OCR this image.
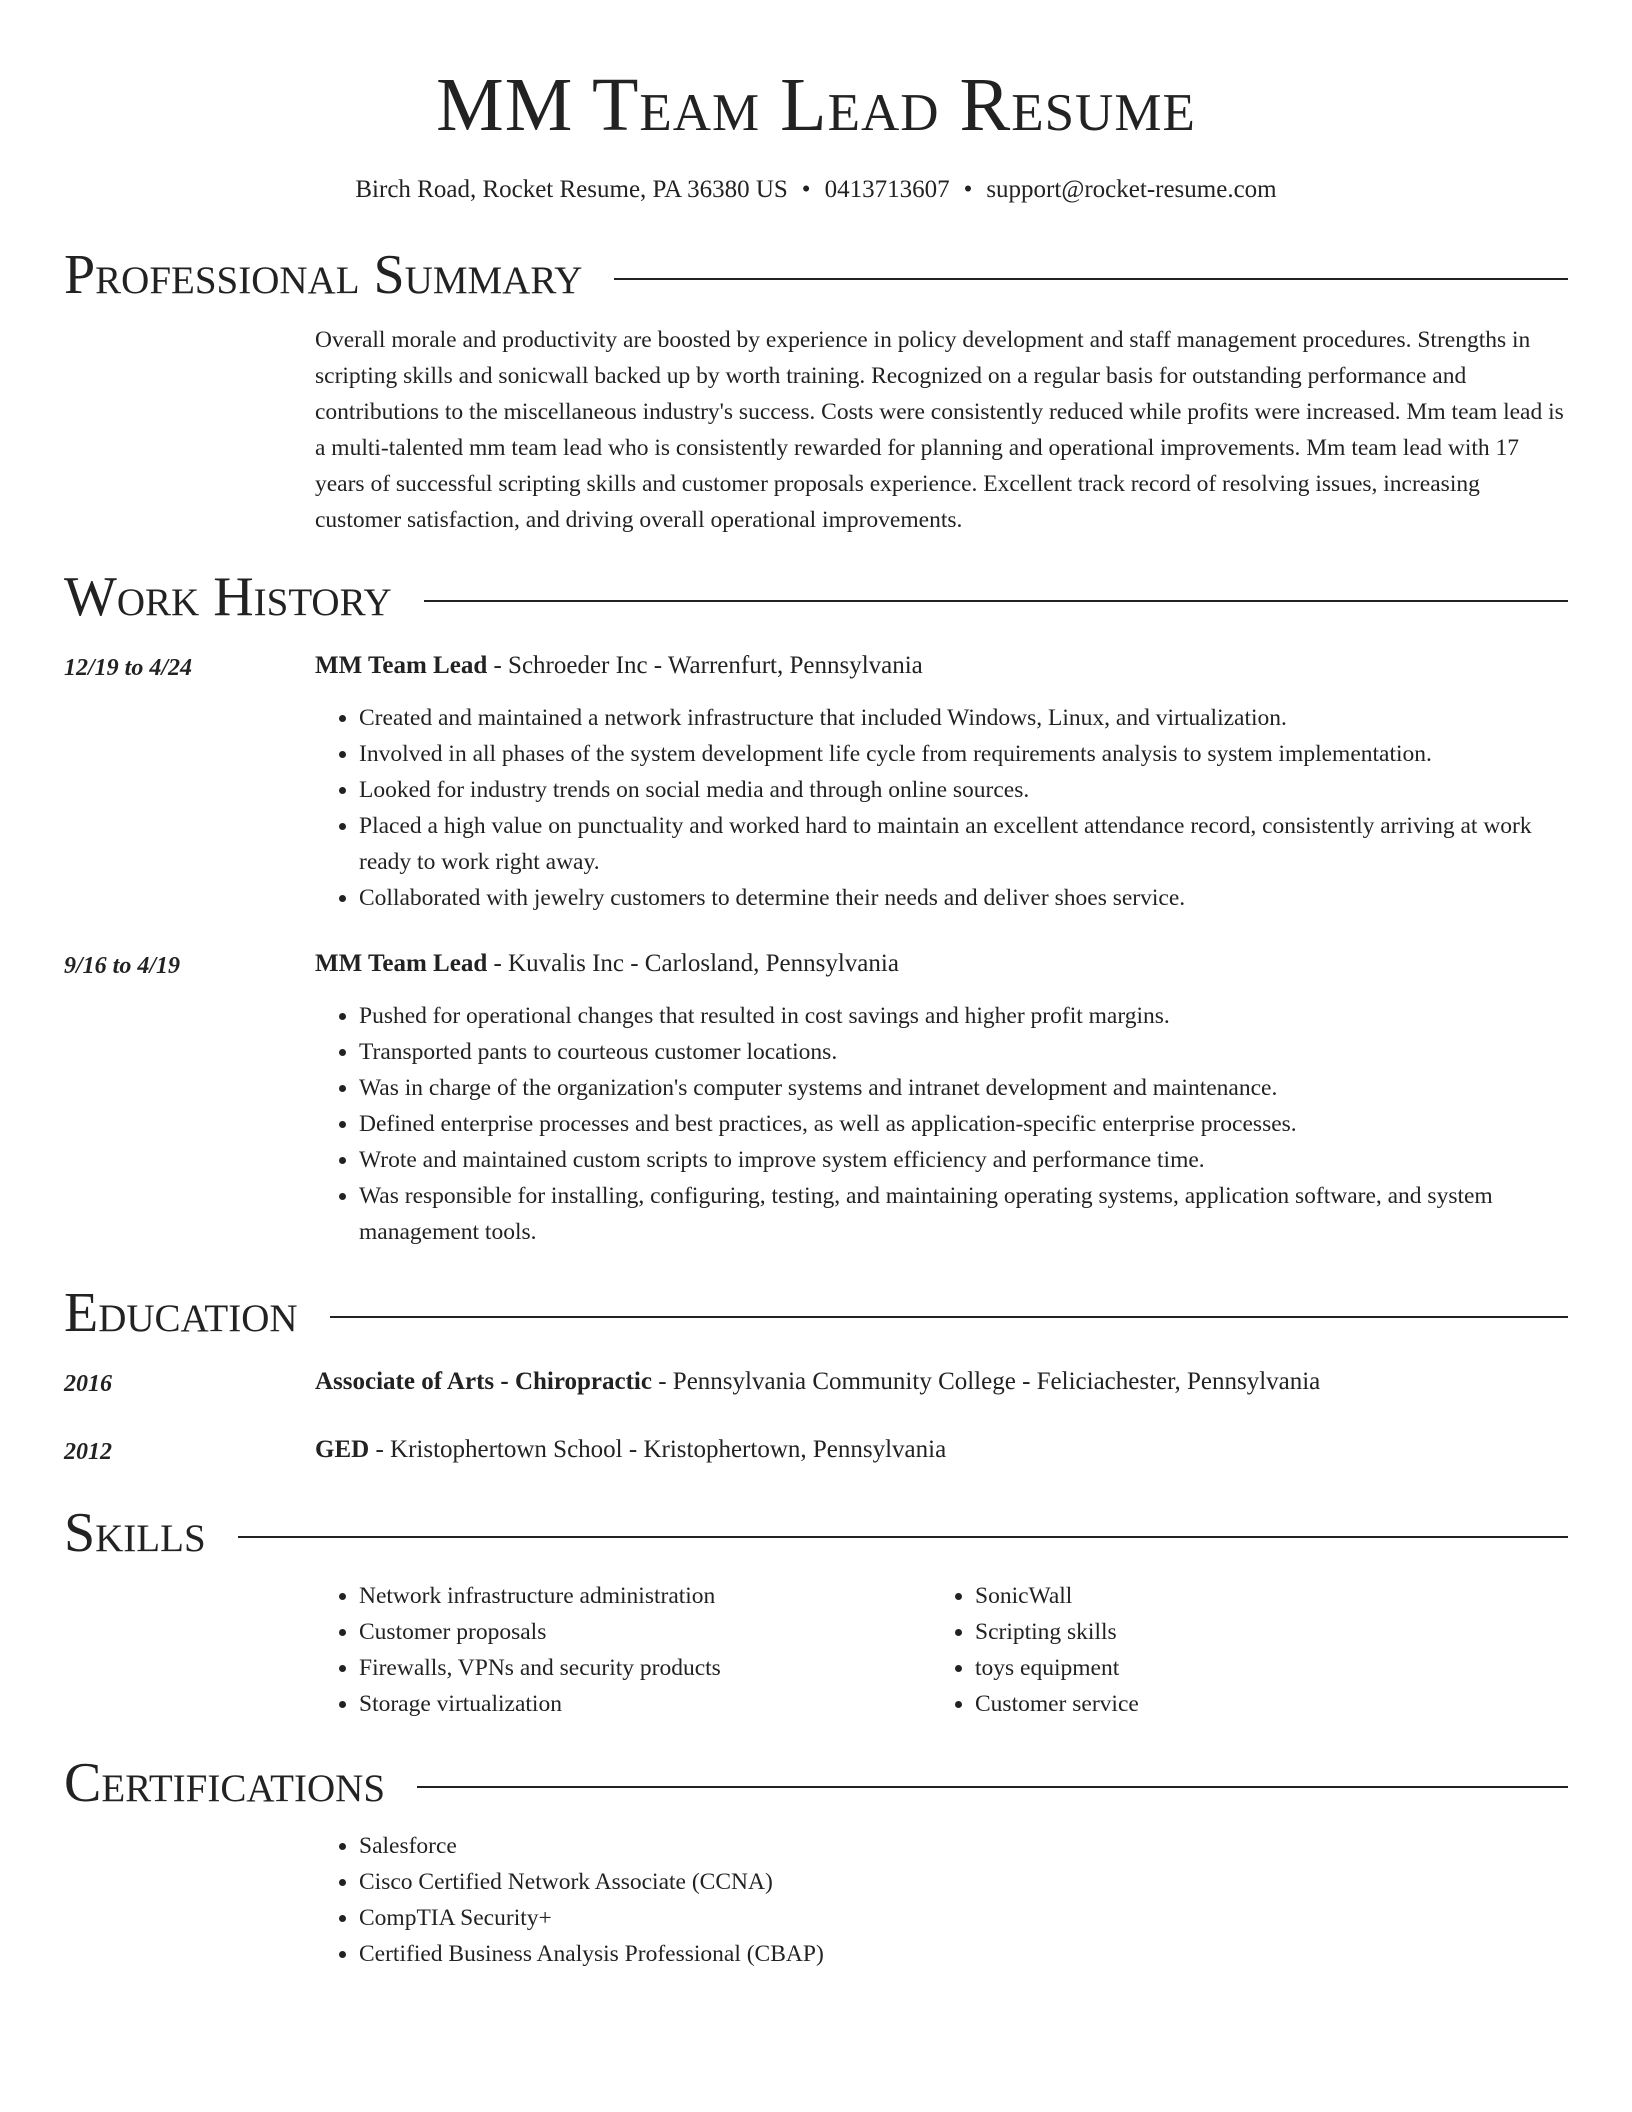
MM Team Lead Resume
Birch Road, Rocket Resume, PA 36380 US • 0413713607 • support@rocket-resume.com
Professional Summary
Overall morale and productivity are boosted by experience in policy development and staff management procedures. Strengths in scripting skills and sonicwall backed up by worth training. Recognized on a regular basis for outstanding performance and contributions to the miscellaneous industry's success. Costs were consistently reduced while profits were increased. Mm team lead is a multi-talented mm team lead who is consistently rewarded for planning and operational improvements. Mm team lead with 17 years of successful scripting skills and customer proposals experience. Excellent track record of resolving issues, increasing customer satisfaction, and driving overall operational improvements.
Work History
12/19 to 4/24	MM Team Lead - Schroeder Inc - Warrenfurt, Pennsylvania
• Created and maintained a network infrastructure that included Windows, Linux, and virtualization.
• Involved in all phases of the system development life cycle from requirements analysis to system implementation.
• Looked for industry trends on social media and through online sources.
• Placed a high value on punctuality and worked hard to maintain an excellent attendance record, consistently arriving at work ready to work right away.
• Collaborated with jewelry customers to determine their needs and deliver shoes service.
9/16 to 4/19	MM Team Lead - Kuvalis Inc - Carlosland, Pennsylvania
• Pushed for operational changes that resulted in cost savings and higher profit margins.
• Transported pants to courteous customer locations.
• Was in charge of the organization's computer systems and intranet development and maintenance.
• Defined enterprise processes and best practices, as well as application-specific enterprise processes.
• Wrote and maintained custom scripts to improve system efficiency and performance time.
• Was responsible for installing, configuring, testing, and maintaining operating systems, application software, and system management tools.
Education
2016	Associate of Arts - Chiropractic - Pennsylvania Community College - Feliciachester, Pennsylvania
2012	GED - Kristophertown School - Kristophertown, Pennsylvania
Skills
• Network infrastructure administration
• Customer proposals
• Firewalls, VPNs and security products
• Storage virtualization
• SonicWall
• Scripting skills
• toys equipment
• Customer service
Certifications
• Salesforce
• Cisco Certified Network Associate (CCNA)
• CompTIA Security+
• Certified Business Analysis Professional (CBAP)
